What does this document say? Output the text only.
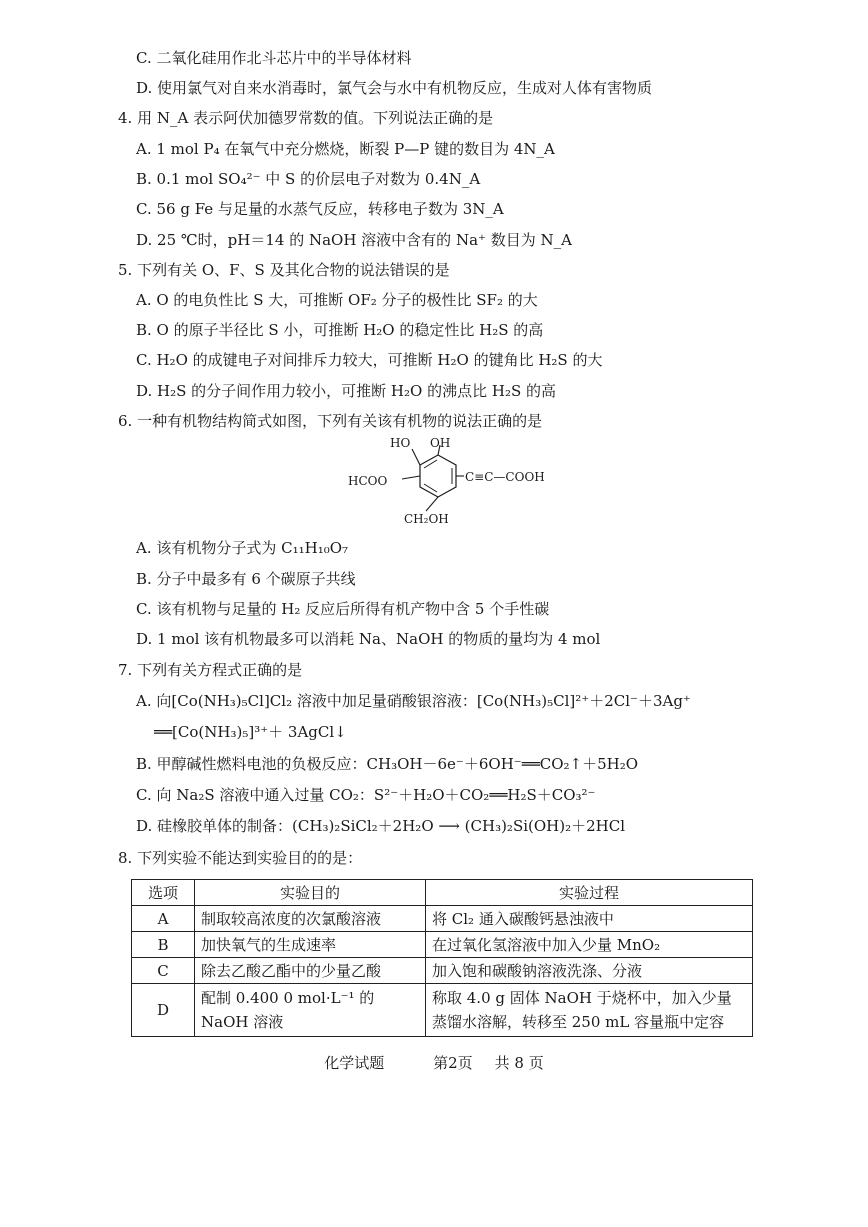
C. 二氧化硅用作北斗芯片中的半导体材料
D. 使用氯气对自来水消毒时，氯气会与水中有机物反应，生成对人体有害物质
4. 用 N_A 表示阿伏加德罗常数的值。下列说法正确的是
A. 1 mol P₄ 在氧气中充分燃烧，断裂 P—P 键的数目为 4N_A
B. 0.1 mol SO₄²⁻ 中 S 的价层电子对数为 0.4N_A
C. 56 g Fe 与足量的水蒸气反应，转移电子数为 3N_A
D. 25 ℃时，pH＝14 的 NaOH 溶液中含有的 Na⁺ 数目为 N_A
5. 下列有关 O、F、S 及其化合物的说法错误的是
A. O 的电负性比 S 大，可推断 OF₂ 分子的极性比 SF₂ 的大
B. O 的原子半径比 S 小，可推断 H₂O 的稳定性比 H₂S 的高
C. H₂O 的成键电子对间排斥力较大，可推断 H₂O 的键角比 H₂S 的大
D. H₂S 的分子间作用力较小，可推断 H₂O 的沸点比 H₂S 的高
6. 一种有机物结构简式如图，下列有关该有机物的说法正确的是
HO OH
HCOO	C≡C—COOH
CH₂OH
A. 该有机物分子式为 C₁₁H₁₀O₇
B. 分子中最多有 6 个碳原子共线
C. 该有机物与足量的 H₂ 反应后所得有机产物中含 5 个手性碳
D. 1 mol 该有机物最多可以消耗 Na、NaOH 的物质的量均为 4 mol
7. 下列有关方程式正确的是
A. 向[Co(NH₃)₅Cl]Cl₂ 溶液中加足量硝酸银溶液：[Co(NH₃)₅Cl]²⁺＋2Cl⁻＋3Ag⁺
══[Co(NH₃)₅]³⁺＋ 3AgCl↓
B. 甲醇碱性燃料电池的负极反应：CH₃OH－6e⁻＋6OH⁻══CO₂↑＋5H₂O
C. 向 Na₂S 溶液中通入过量 CO₂：S²⁻＋H₂O＋CO₂══H₂S＋CO₃²⁻
D. 硅橡胶单体的制备：(CH₃)₂SiCl₂＋2H₂O ⟶ (CH₃)₂Si(OH)₂＋2HCl
8. 下列实验不能达到实验目的的是：
选项	实验目的	实验过程
A	制取较高浓度的次氯酸溶液	将 Cl₂ 通入碳酸钙悬浊液中
B	加快氧气的生成速率	在过氧化氢溶液中加入少量 MnO₂
C	除去乙酸乙酯中的少量乙酸	加入饱和碳酸钠溶液洗涤、分液
D	配制 0.400 0 mol·L⁻¹ 的 NaOH 溶液	称取 4.0 g 固体 NaOH 于烧杯中，加入少量蒸馏水溶解，转移至 250 mL 容量瓶中定容
化学试题	第2页 共 8 页
